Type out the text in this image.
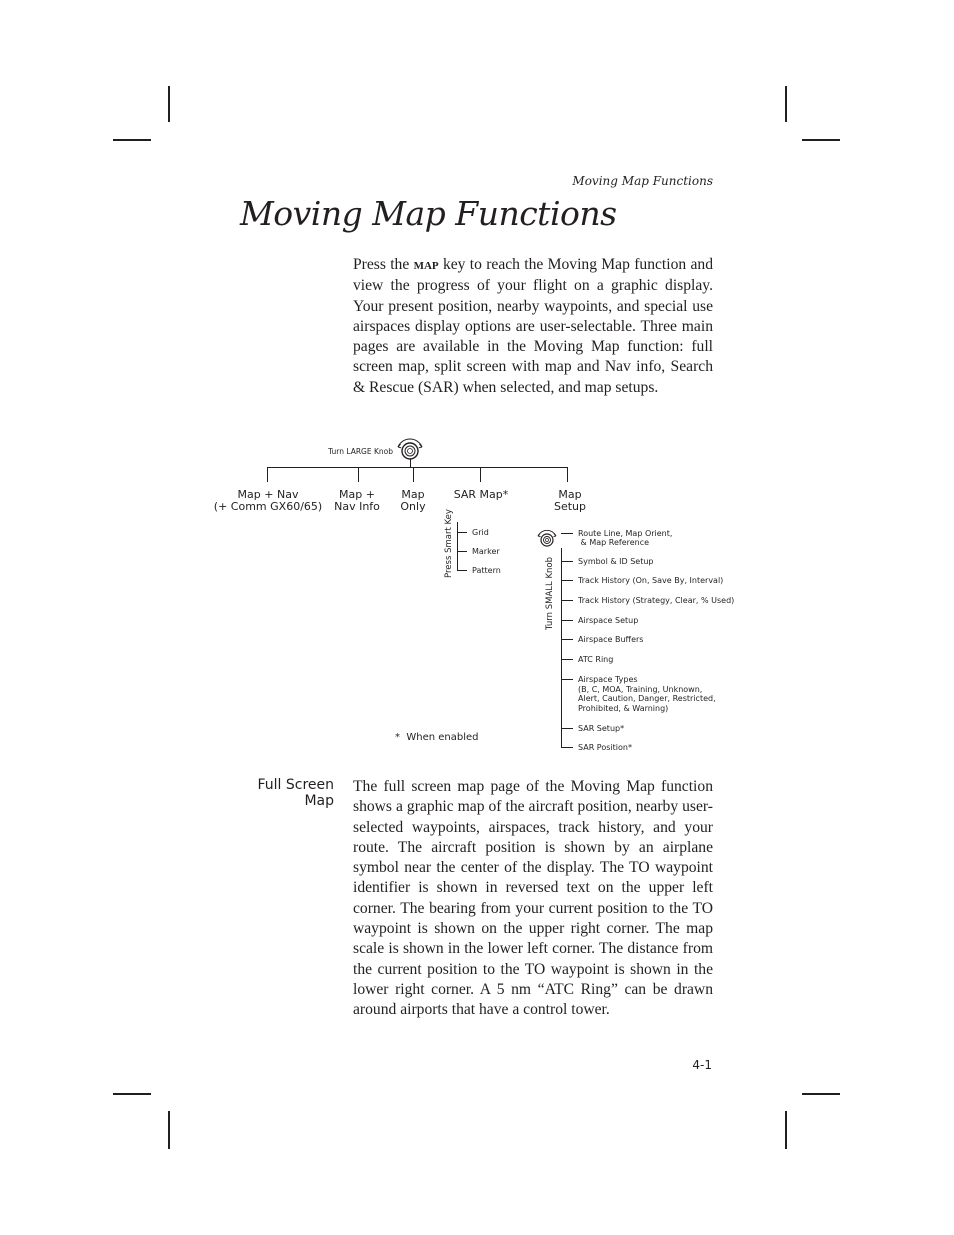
Moving Map Functions
Moving Map Functions

Press the MAP key to reach the Moving Map function and view the progress of your flight on a graphic display. Your present position, nearby waypoints, and special use airspaces display options are user-selectable. Three main pages are available in the Moving Map function: full screen map, split screen with map and Nav info, Search & Rescue (SAR) when selected, and map setups.

Turn LARGE Knob
Map + Nav
(+ Comm GX60/65)
Map +
Nav Info
Map
Only
SAR Map*	Map
Setup
Press Smart Key Grid
Marker
Pattern	Turn SMALL Knob
Route Line, Map Orient,
& Map Reference
Symbol & ID Setup
Track History (On, Save By, Interval)
Track History (Strategy, Clear, % Used)
Airspace Setup
Airspace Buffers
ATC Ring
Airspace Types
(B, C, MOA, Training, Unknown,
Alert, Caution, Danger, Restricted,
Prohibited, & Warning)
SAR Setup*
SAR Position*
*  When enabled

Full Screen
Map

The full screen map page of the Moving Map function shows a graphic map of the aircraft position, nearby user-selected waypoints, airspaces, track history, and your route. The aircraft position is shown by an airplane symbol near the center of the display. The TO waypoint identifier is shown in reversed text on the upper left corner. The bearing from your current position to the TO waypoint is shown on the upper right corner. The map scale is shown in the lower left corner. The distance from the current position to the TO waypoint is shown in the lower right corner. A 5 nm “ATC Ring” can be drawn around airports that have a control tower.

4-1
